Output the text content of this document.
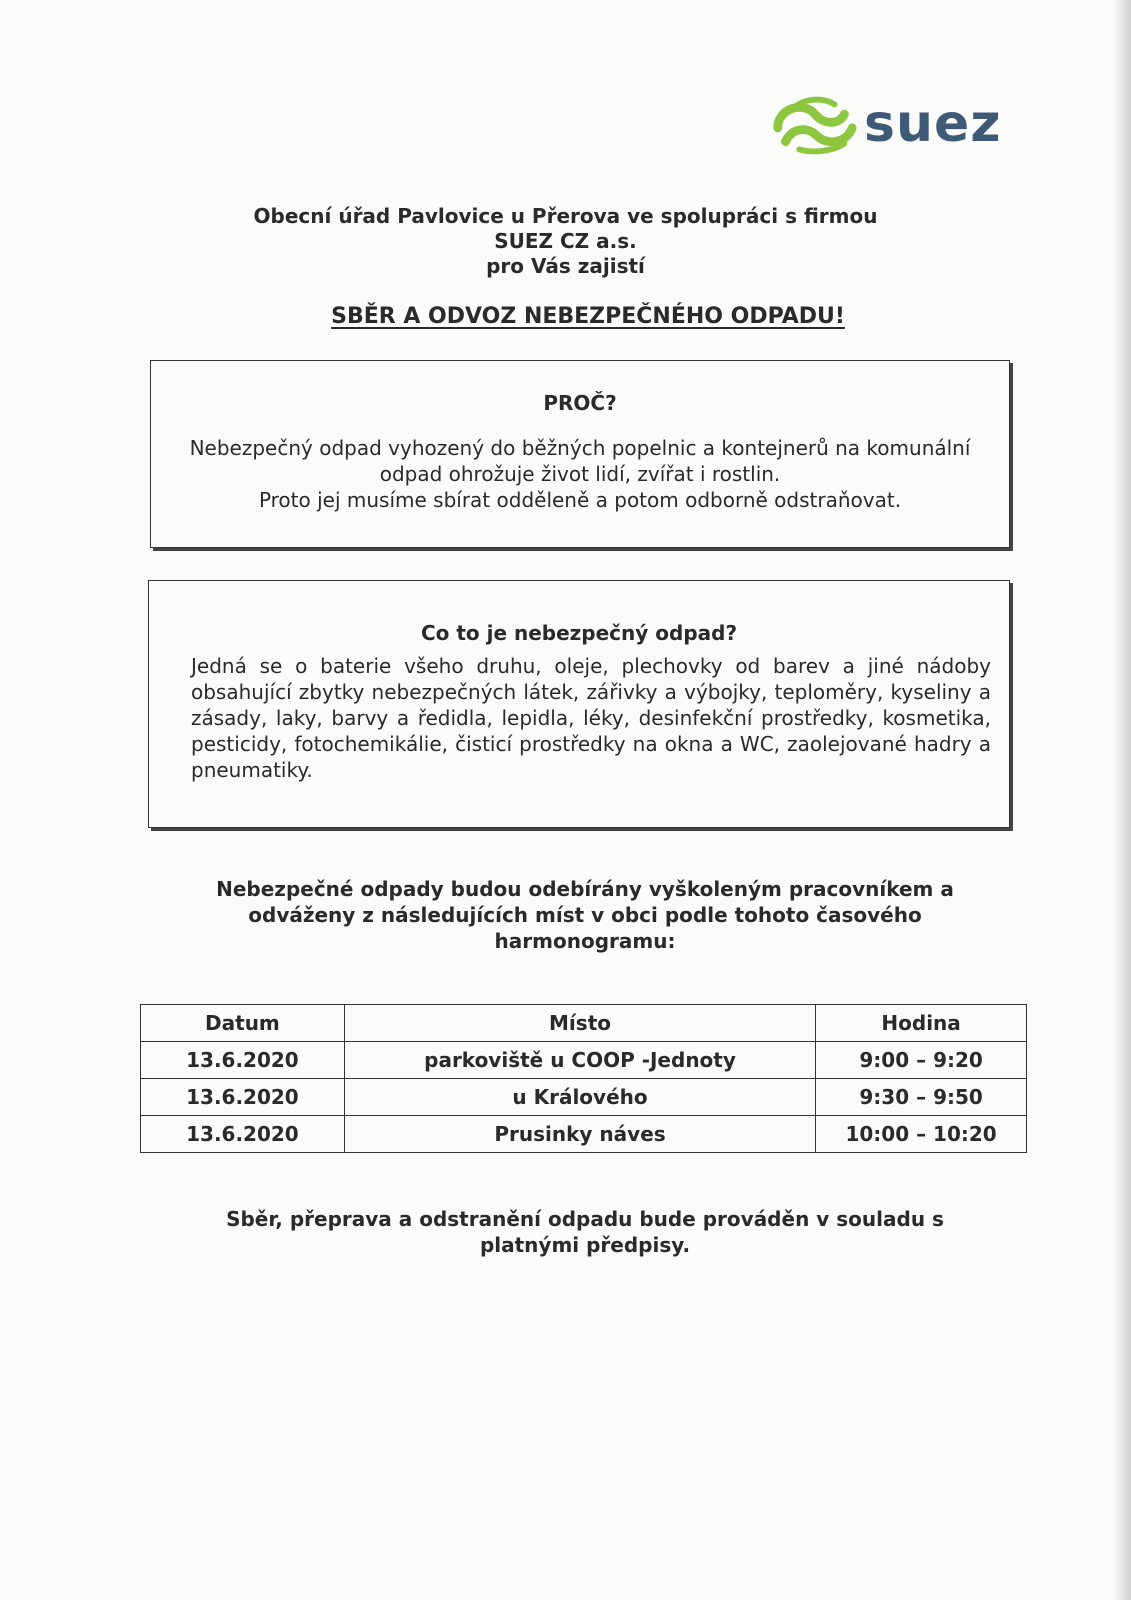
suez
Obecní úřad Pavlovice u Přerova ve spolupráci s firmou
SUEZ CZ a.s.
pro Vás zajistí
SBĚR A ODVOZ NEBEZPEČNÉHO ODPADU!
PROČ?
Nebezpečný odpad vyhozený do běžných popelnic a kontejnerů na komunální
odpad ohrožuje život lidí, zvířat i rostlin.
Proto jej musíme sbírat odděleně a potom odborně odstraňovat.
Co to je nebezpečný odpad?
Jedná se o baterie všeho druhu, oleje, plechovky od barev a jiné nádoby obsahující zbytky nebezpečných látek, zářivky a výbojky, teploměry, kyseliny a zásady, laky, barvy a ředidla, lepidla, léky, desinfekční prostředky, kosmetika, pesticidy, fotochemikálie, čisticí prostředky na okna a WC, zaolejované hadry a pneumatiky.
Nebezpečné odpady budou odebírány vyškoleným pracovníkem a
odváženy z následujících míst v obci podle tohoto časového
harmonogramu:
Datum	Místo	Hodina
13.6.2020	parkoviště u COOP -Jednoty	9:00 – 9:20
13.6.2020	u Králového	9:30 – 9:50
13.6.2020	Prusinky náves	10:00 – 10:20
Sběr, přeprava a odstranění odpadu bude prováděn v souladu s
platnými předpisy.
